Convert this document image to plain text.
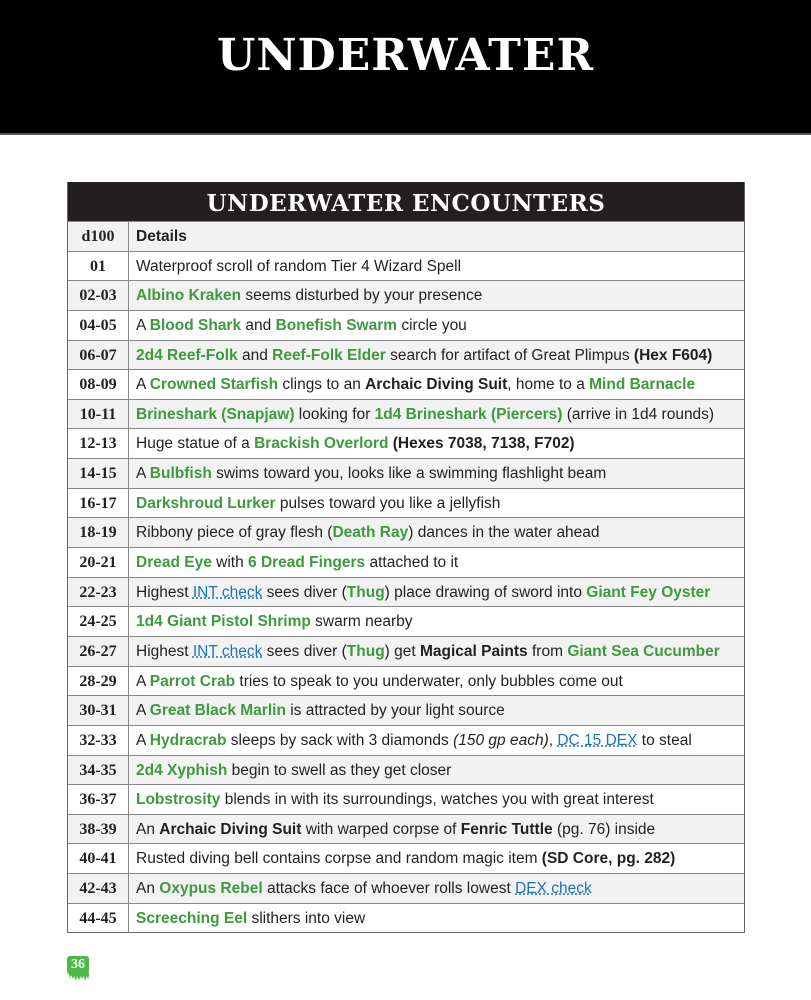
UNDERWATER
UNDERWATER ENCOUNTERS
d100	Details
01	Waterproof scroll of random Tier 4 Wizard Spell
02-03	Albino Kraken seems disturbed by your presence
04-05	A Blood Shark and Bonefish Swarm circle you
06-07	2d4 Reef-Folk and Reef-Folk Elder search for artifact of Great Plimpus (Hex F604)
08-09	A Crowned Starfish clings to an Archaic Diving Suit, home to a Mind Barnacle
10-11	Brineshark (Snapjaw) looking for 1d4 Brineshark (Piercers) (arrive in 1d4 rounds)
12-13	Huge statue of a Brackish Overlord (Hexes 7038, 7138, F702)
14-15	A Bulbfish swims toward you, looks like a swimming flashlight beam
16-17	Darkshroud Lurker pulses toward you like a jellyfish
18-19	Ribbony piece of gray flesh (Death Ray) dances in the water ahead
20-21	Dread Eye with 6 Dread Fingers attached to it
22-23	Highest INT check sees diver (Thug) place drawing of sword into Giant Fey Oyster
24-25	1d4 Giant Pistol Shrimp swarm nearby
26-27	Highest INT check sees diver (Thug) get Magical Paints from Giant Sea Cucumber
28-29	A Parrot Crab tries to speak to you underwater, only bubbles come out
30-31	A Great Black Marlin is attracted by your light source
32-33	A Hydracrab sleeps by sack with 3 diamonds (150 gp each), DC 15 DEX to steal
34-35	2d4 Xyphish begin to swell as they get closer
36-37	Lobstrosity blends in with its surroundings, watches you with great interest
38-39	An Archaic Diving Suit with warped corpse of Fenric Tuttle (pg. 76) inside
40-41	Rusted diving bell contains corpse and random magic item (SD Core, pg. 282)
42-43	An Oxypus Rebel attacks face of whoever rolls lowest DEX check
44-45	Screeching Eel slithers into view
36
